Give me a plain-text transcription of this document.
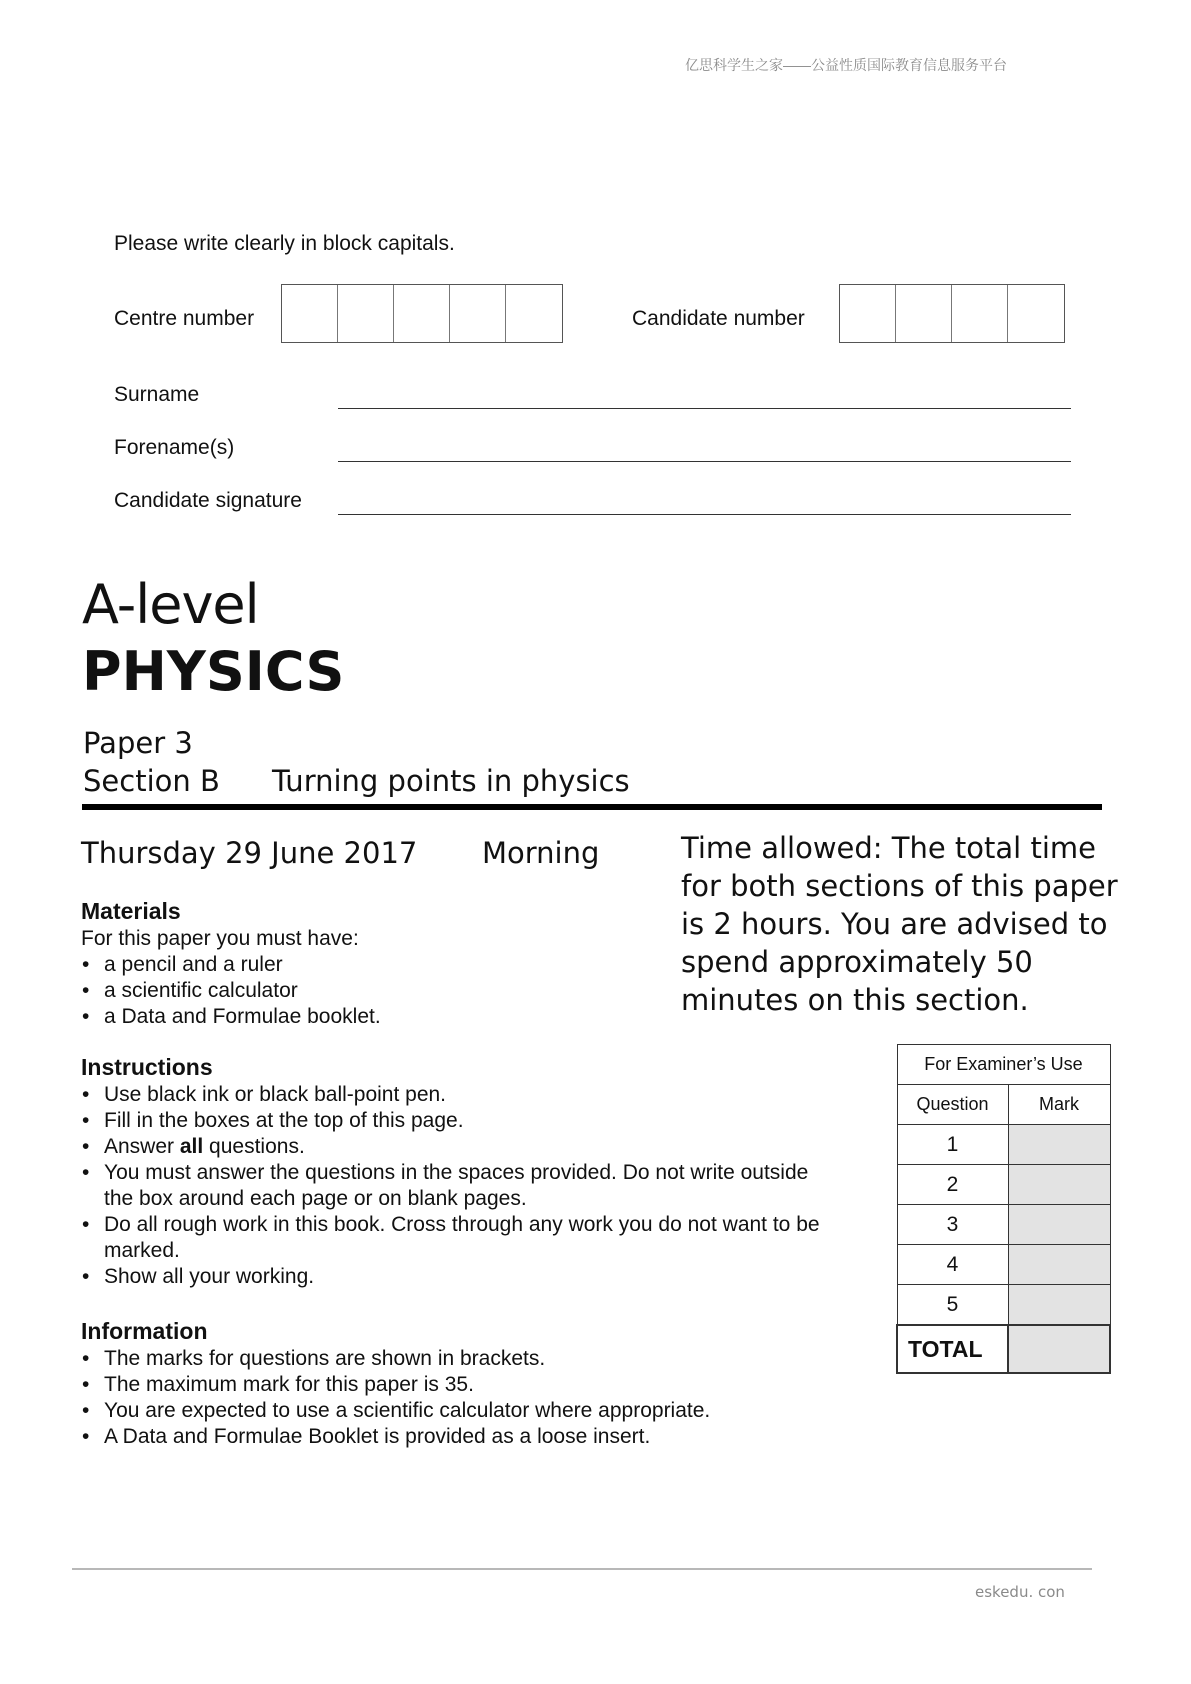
亿思科学生之家——公益性质国际教育信息服务平台
Please write clearly in block capitals.
Centre number	Candidate number
Surname
Forename(s)
Candidate signature
A-level
PHYSICS
Paper 3
Section B Turning points in physics
Thursday 29 June 2017 Morning	Time allowed: The total time for both sections of this paper is 2 hours. You are advised to spend approximately 50 minutes on this section.
Materials
For this paper you must have:
• a pencil and a ruler
• a scientific calculator
• a Data and Formulae booklet.
Instructions
• Use black ink or black ball-point pen.
• Fill in the boxes at the top of this page.
• Answer all questions.
• You must answer the questions in the spaces provided. Do not write outside the box around each page or on blank pages.
• Do all rough work in this book. Cross through any work you do not want to be marked.
• Show all your working.
Information
• The marks for questions are shown in brackets.
• The maximum mark for this paper is 35.
• You are expected to use a scientific calculator where appropriate.
• A Data and Formulae Booklet is provided as a loose insert.
For Examiner’s Use	
Question	Mark
1	
2	
3	
4	
5	
TOTAL	
eskedu. con
